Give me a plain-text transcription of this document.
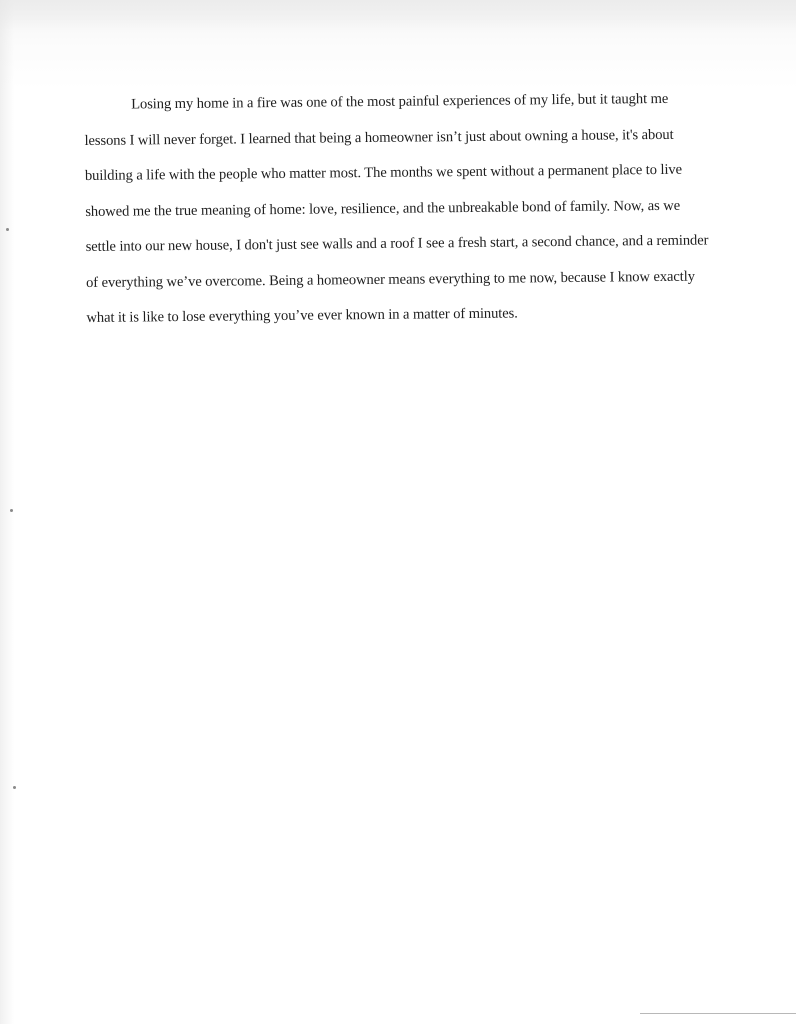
Losing my home in a fire was one of the most painful experiences of my life, but it taught me lessons I will never forget. I learned that being a homeowner isn’t just about owning a house, it's about building a life with the people who matter most. The months we spent without a permanent place to live showed me the true meaning of home: love, resilience, and the unbreakable bond of family. Now, as we settle into our new house, I don't just see walls and a roof I see a fresh start, a second chance, and a reminder of everything we’ve overcome. Being a homeowner means everything to me now, because I know exactly what it is like to lose everything you’ve ever known in a matter of minutes.
